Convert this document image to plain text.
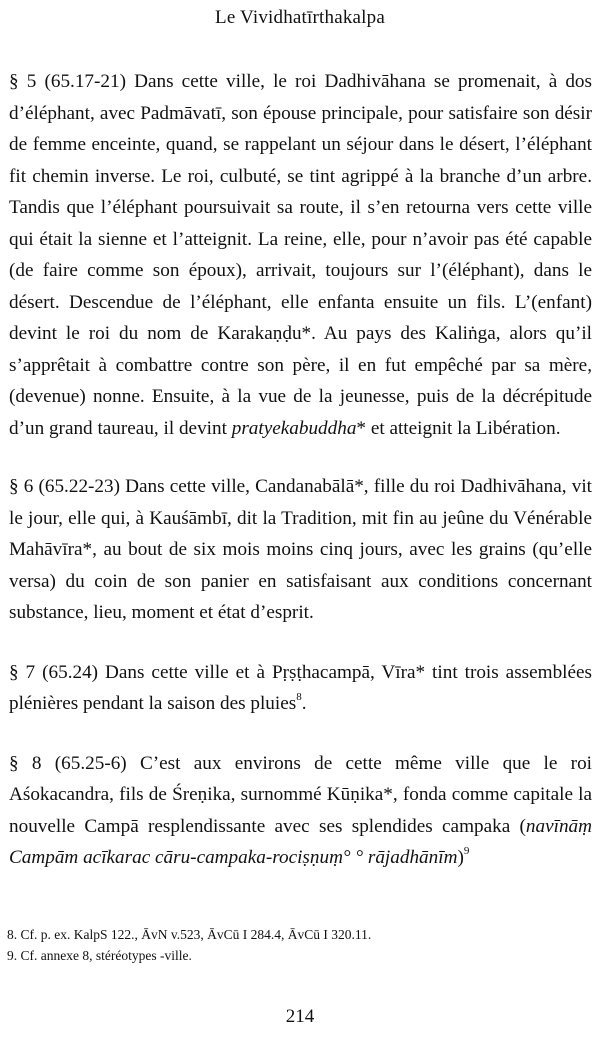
Le Vividhatīrthakalpa

§ 5 (65.17-21) Dans cette ville, le roi Dadhivāhana se promenait, à dos d’éléphant, avec Padmāvatī, son épouse principale, pour satisfaire son désir de femme enceinte, quand, se rappelant un séjour dans le désert, l’éléphant fit chemin inverse. Le roi, culbuté, se tint agrippé à la branche d’un arbre. Tandis que l’éléphant poursuivait sa route, il s’en retourna vers cette ville qui était la sienne et l’atteignit. La reine, elle, pour n’avoir pas été capable (de faire comme son époux), arrivait, toujours sur l’(éléphant), dans le désert. Descendue de l’éléphant, elle enfanta ensuite un fils. L’(enfant) devint le roi du nom de Karakaṇḍu*. Au pays des Kaliṅga, alors qu’il s’apprêtait à combattre contre son père, il en fut empêché par sa mère, (devenue) nonne. Ensuite, à la vue de la jeunesse, puis de la décrépitude d’un grand taureau, il devint pratyekabuddha* et atteignit la Libération.

§ 6 (65.22-23) Dans cette ville, Candanabālā*, fille du roi Dadhivāhana, vit le jour, elle qui, à Kauśāmbī, dit la Tradition, mit fin au jeûne du Vénérable Mahāvīra*, au bout de six mois moins cinq jours, avec les grains (qu’elle versa) du coin de son panier en satisfaisant aux conditions concernant substance, lieu, moment et état d’esprit.

§ 7 (65.24) Dans cette ville et à Pṛṣṭhacampā, Vīra* tint trois assemblées plénières pendant la saison des pluies$^8$.

§ 8 (65.25-6) C’est aux environs de cette même ville que le roi Aśokacandra, fils de Śreṇika, surnommé Kūṇika*, fonda comme capitale la nouvelle Campā resplendissante avec ses splendides campaka (navīnāṃ Campām acīkarac cāru-campaka-rociṣṇuṃ° ° rājadhānīm)$^9$

8. Cf. p. ex. KalpS 122., ĀvN v.523, ĀvCū I 284.4, ĀvCū I 320.11.
9. Cf. annexe 8, stéréotypes -ville.
214
